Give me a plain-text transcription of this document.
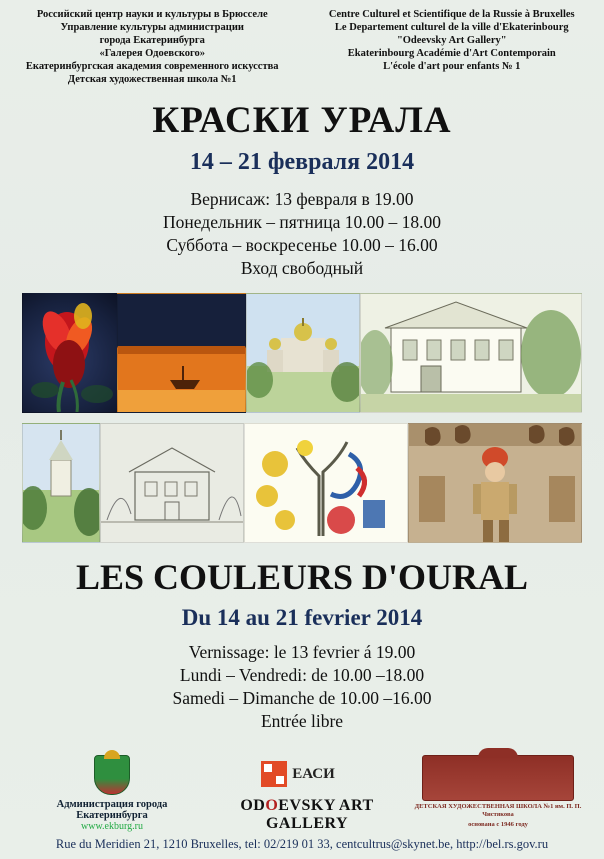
Российский центр науки и культуры в Брюсселе
Управление культуры администрации
города Екатеринбурга
«Галерея Одоевского»
Екатеринбургская академия современного искусства
Детская художественная школа №1
Centre Culturel et Scientifique de la Russie à Bruxelles
Le Departement culturel de la ville d'Ekaterinbourg
"Odeevsky Art Gallery"
Ekaterinbourg Académie d'Art Contemporain
L'école d'art pour enfants № 1
КРАСКИ УРАЛА
14 – 21 февраля 2014
Вернисаж: 13 февраля в 19.00
Понедельник – пятница 10.00 – 18.00
Суббота – воскресенье 10.00 – 16.00
Вход свободный
LES COULEURS D'OURAL
Du 14 au 21 fevrier 2014
Vernissage: le 13 fevrier á 19.00
Lundi – Vendredi: de 10.00 –18.00
Samedi – Dimanche de 10.00 –16.00
Entrée libre
Администрация города Екатеринбурга
www.ekburg.ru
ЕАСИ
ODOEVSKY ART GALLERY
ДЕТСКАЯ ХУДОЖЕСТВЕННАЯ ШКОЛА №1 им. П. П. Чистякова
основана с 1946 году
Rue du Meridien 21, 1210 Bruxelles, tel: 02/219 01 33, centcultrus@skynet.be, http://bel.rs.gov.ru
